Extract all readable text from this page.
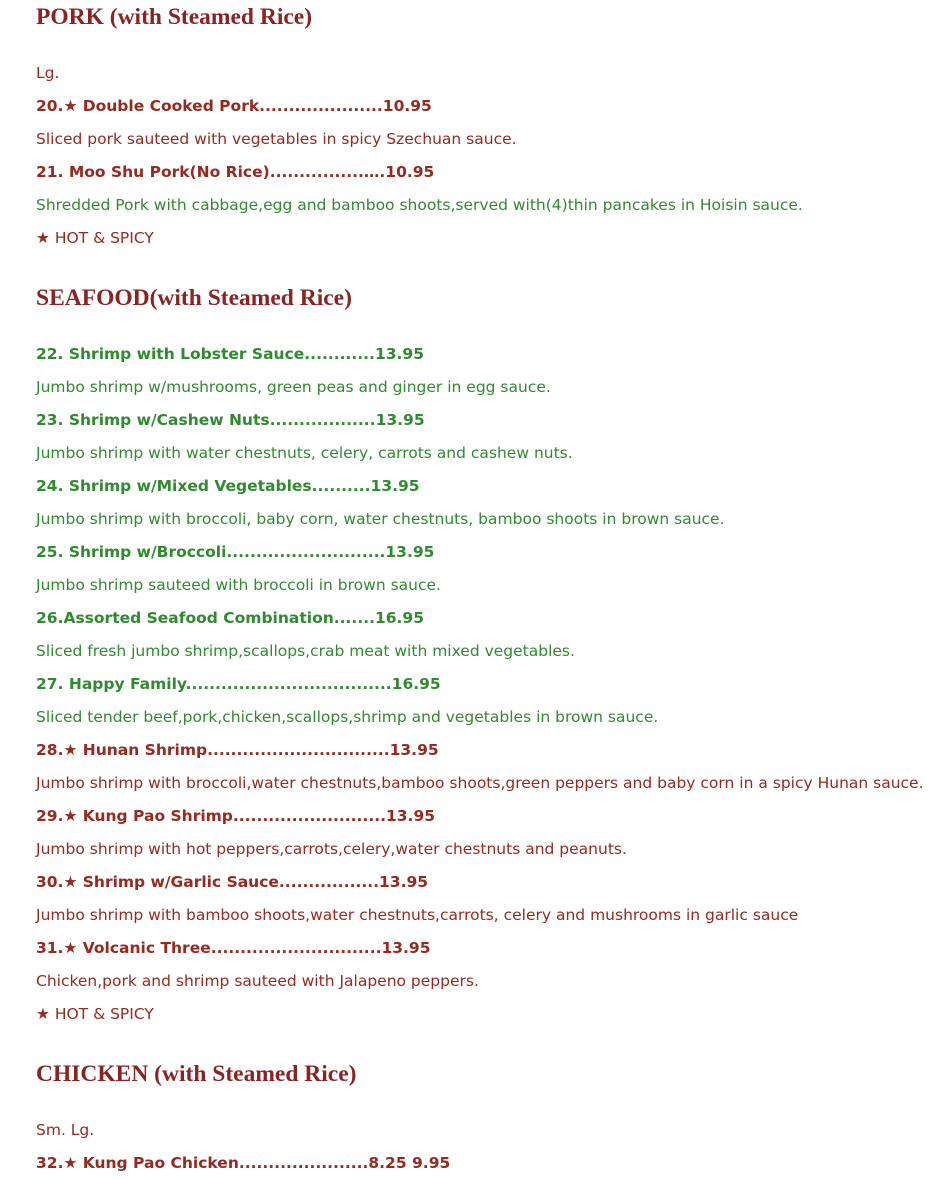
PORK (with Steamed Rice)

Lg.

20.★ Double Cooked Pork.....................10.95

Sliced pork sauteed with vegetables in spicy Szechuan sauce.

21. Moo Shu Pork(No Rice)................….10.95

Shredded Pork with cabbage,egg and bamboo shoots,served with(4)thin pancakes in Hoisin sauce.

★ HOT & SPICY

SEAFOOD(with Steamed Rice)

22. Shrimp with Lobster Sauce............13.95

Jumbo shrimp w/mushrooms, green peas and ginger in egg sauce.

23. Shrimp w/Cashew Nuts..................13.95

Jumbo shrimp with water chestnuts, celery, carrots and cashew nuts.

24. Shrimp w/Mixed Vegetables..........13.95

Jumbo shrimp with broccoli, baby corn, water chestnuts, bamboo shoots in brown sauce.

25. Shrimp w/Broccoli...........................13.95

Jumbo shrimp sauteed with broccoli in brown sauce.

26.Assorted Seafood Combination.......16.95

Sliced fresh jumbo shrimp,scallops,crab meat with mixed vegetables.

27. Happy Family...................................16.95

Sliced tender beef,pork,chicken,scallops,shrimp and vegetables in brown sauce.

28.★ Hunan Shrimp...............................13.95

Jumbo shrimp with broccoli,water chestnuts,bamboo shoots,green peppers and baby corn in a spicy Hunan sauce.

29.★ Kung Pao Shrimp..........................13.95

Jumbo shrimp with hot peppers,carrots,celery,water chestnuts and peanuts.

30.★ Shrimp w/Garlic Sauce.................13.95

Jumbo shrimp with bamboo shoots,water chestnuts,carrots, celery and mushrooms in garlic sauce

31.★ Volcanic Three.............................13.95

Chicken,pork and shrimp sauteed with Jalapeno peppers.

★ HOT & SPICY

CHICKEN (with Steamed Rice)

Sm. Lg.

32.★ Kung Pao Chicken......................8.25 9.95
